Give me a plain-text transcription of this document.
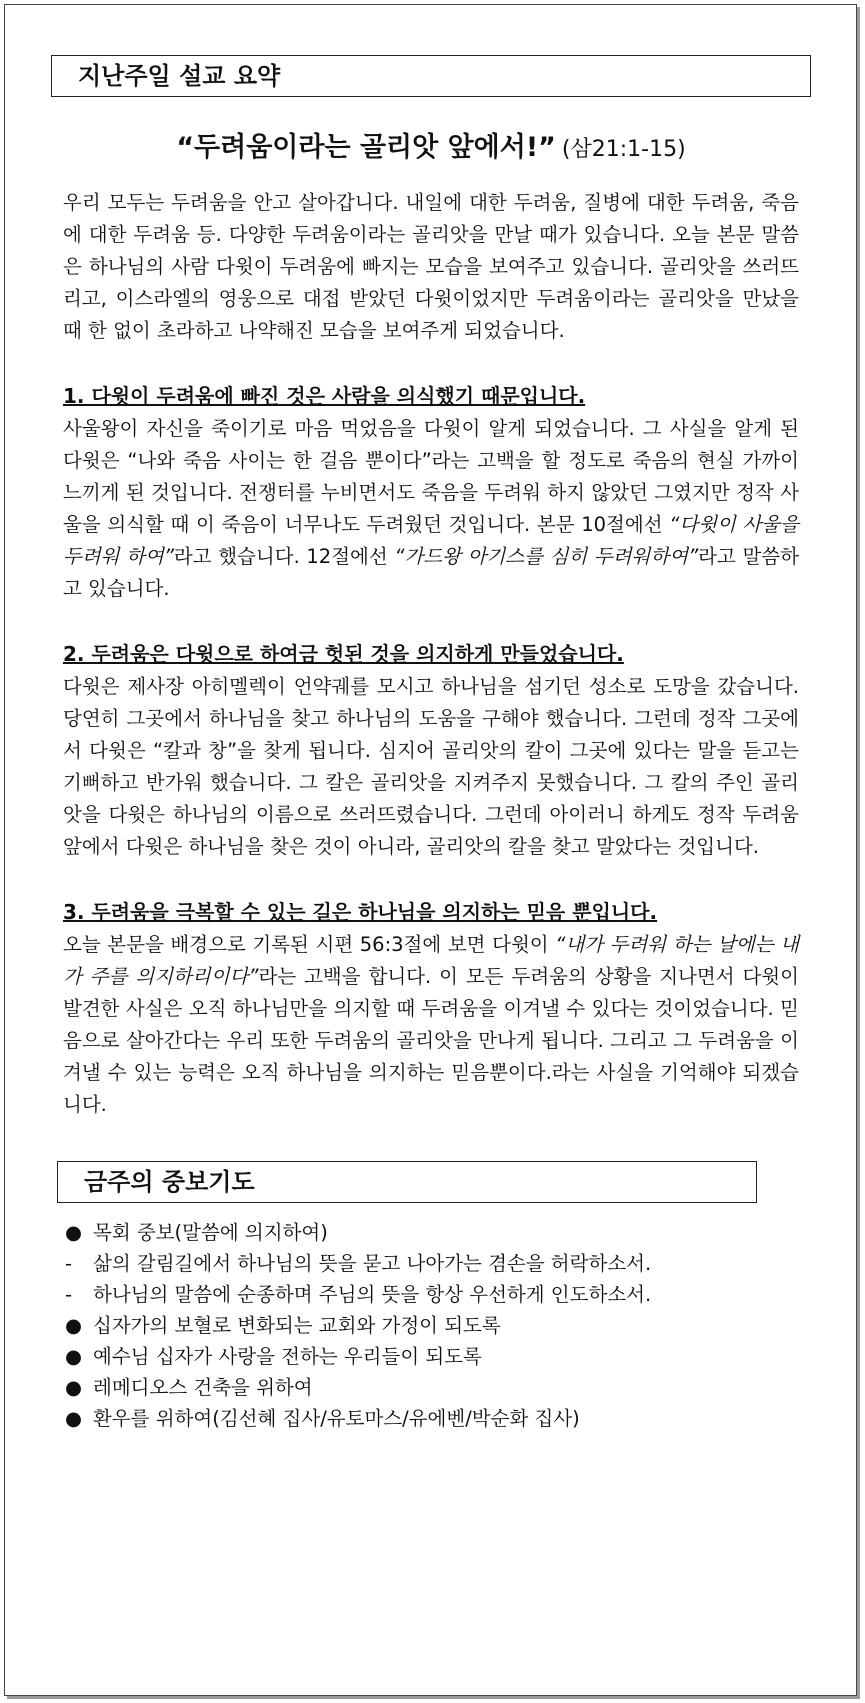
지난주일 설교 요약
“두려움이라는 골리앗 앞에서!” (삼21:1-15)

우리 모두는 두려움을 안고 살아갑니다. 내일에 대한 두려움, 질병에 대한 두려움, 죽음에 대한 두려움 등. 다양한 두려움이라는 골리앗을 만날 때가 있습니다. 오늘 본문 말씀은 하나님의 사람 다윗이 두려움에 빠지는 모습을 보여주고 있습니다. 골리앗을 쓰러뜨리고, 이스라엘의 영웅으로 대접 받았던 다윗이었지만 두려움이라는 골리앗을 만났을 때 한 없이 초라하고 나약해진 모습을 보여주게 되었습니다.

1. 다윗이 두려움에 빠진 것은 사람을 의식했기 때문입니다.

사울왕이 자신을 죽이기로 마음 먹었음을 다윗이 알게 되었습니다. 그 사실을 알게 된 다윗은 “나와 죽음 사이는 한 걸음 뿐이다”라는 고백을 할 정도로 죽음의 현실 가까이 느끼게 된 것입니다. 전쟁터를 누비면서도 죽음을 두려워 하지 않았던 그였지만 정작 사울을 의식할 때 이 죽음이 너무나도 두려웠던 것입니다. 본문 10절에선 “다윗이 사울을 두려워 하여”라고 했습니다. 12절에선 “가드왕 아기스를 심히 두려워하여”라고 말씀하고 있습니다.

2. 두려움은 다윗으로 하여금 헛된 것을 의지하게 만들었습니다.

다윗은 제사장 아히멜렉이 언약궤를 모시고 하나님을 섬기던 성소로 도망을 갔습니다. 당연히 그곳에서 하나님을 찾고 하나님의 도움을 구해야 했습니다. 그런데 정작 그곳에서 다윗은 “칼과 창”을 찾게 됩니다. 심지어 골리앗의 칼이 그곳에 있다는 말을 듣고는 기뻐하고 반가워 했습니다. 그 칼은 골리앗을 지켜주지 못했습니다. 그 칼의 주인 골리앗을 다윗은 하나님의 이름으로 쓰러뜨렸습니다. 그런데 아이러니 하게도 정작 두려움 앞에서 다윗은 하나님을 찾은 것이 아니라, 골리앗의 칼을 찾고 말았다는 것입니다.

3. 두려움을 극복할 수 있는 길은 하나님을 의지하는 믿음 뿐입니다.

오늘 본문을 배경으로 기록된 시편 56:3절에 보면 다윗이 “내가 두려워 하는 날에는 내가 주를 의지하리이다”라는 고백을 합니다. 이 모든 두려움의 상황을 지나면서 다윗이 발견한 사실은 오직 하나님만을 의지할 때 두려움을 이겨낼 수 있다는 것이었습니다. 믿음으로 살아간다는 우리 또한 두려움의 골리앗을 만나게 됩니다. 그리고 그 두려움을 이겨낼 수 있는 능력은 오직 하나님을 의지하는 믿음뿐이다.라는 사실을 기억해야 되겠습니다.

금주의 중보기도
● 목회 중보(말씀에 의지하여)
-	삶의 갈림길에서 하나님의 뜻을 묻고 나아가는 겸손을 허락하소서.
-	하나님의 말씀에 순종하며 주님의 뜻을 항상 우선하게 인도하소서.
● 십자가의 보혈로 변화되는 교회와 가정이 되도록
● 예수님 십자가 사랑을 전하는 우리들이 되도록
● 레메디오스 건축을 위하여
● 환우를 위하여(김선혜 집사/유토마스/유에벤/박순화 집사)
